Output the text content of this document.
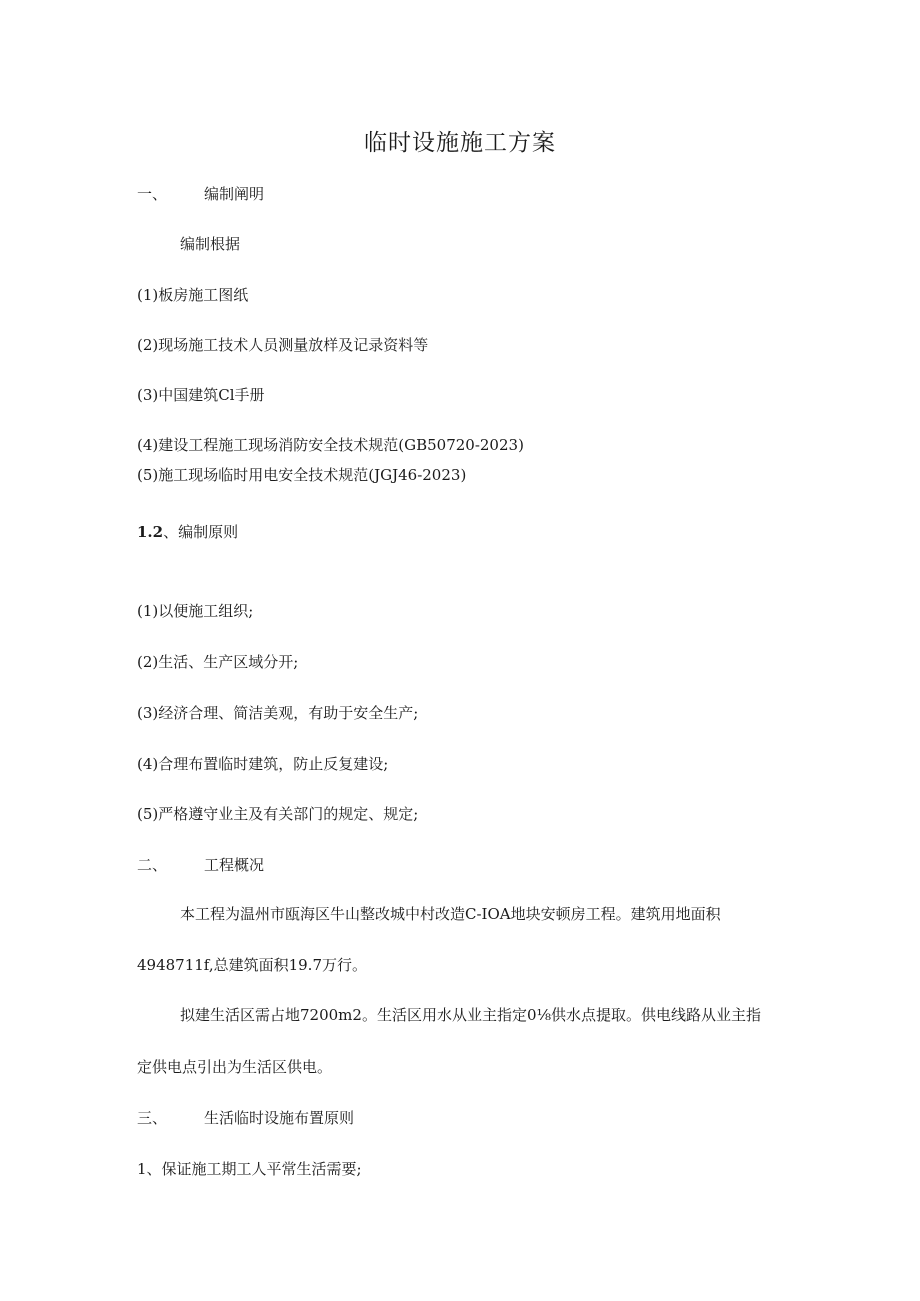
临时设施施工方案
一、 编制阐明
编制根据
(1)板房施工图纸
(2)现场施工技术人员测量放样及记录资料等
(3)中国建筑Cl手册
(4)建设工程施工现场消防安全技术规范(GB50720-2023)
(5)施工现场临时用电安全技术规范(JGJ46-2023)
1.2、编制原则
(1)以便施工组织;
(2)生活、生产区域分开;
(3)经济合理、简洁美观，有助于安全生产;
(4)合理布置临时建筑，防止反复建设;
(5)严格遵守业主及有关部门的规定、规定;
二、 工程概况
本工程为温州市瓯海区牛山整改城中村改造C-IOA地块安顿房工程。建筑用地面积
4948711f,总建筑面积19.7万行。
拟建生活区需占地7200m2。生活区用水从业主指定0⅛供水点提取。供电线路从业主指
定供电点引出为生活区供电。
三、 生活临时设施布置原则
1、保证施工期工人平常生活需要;
